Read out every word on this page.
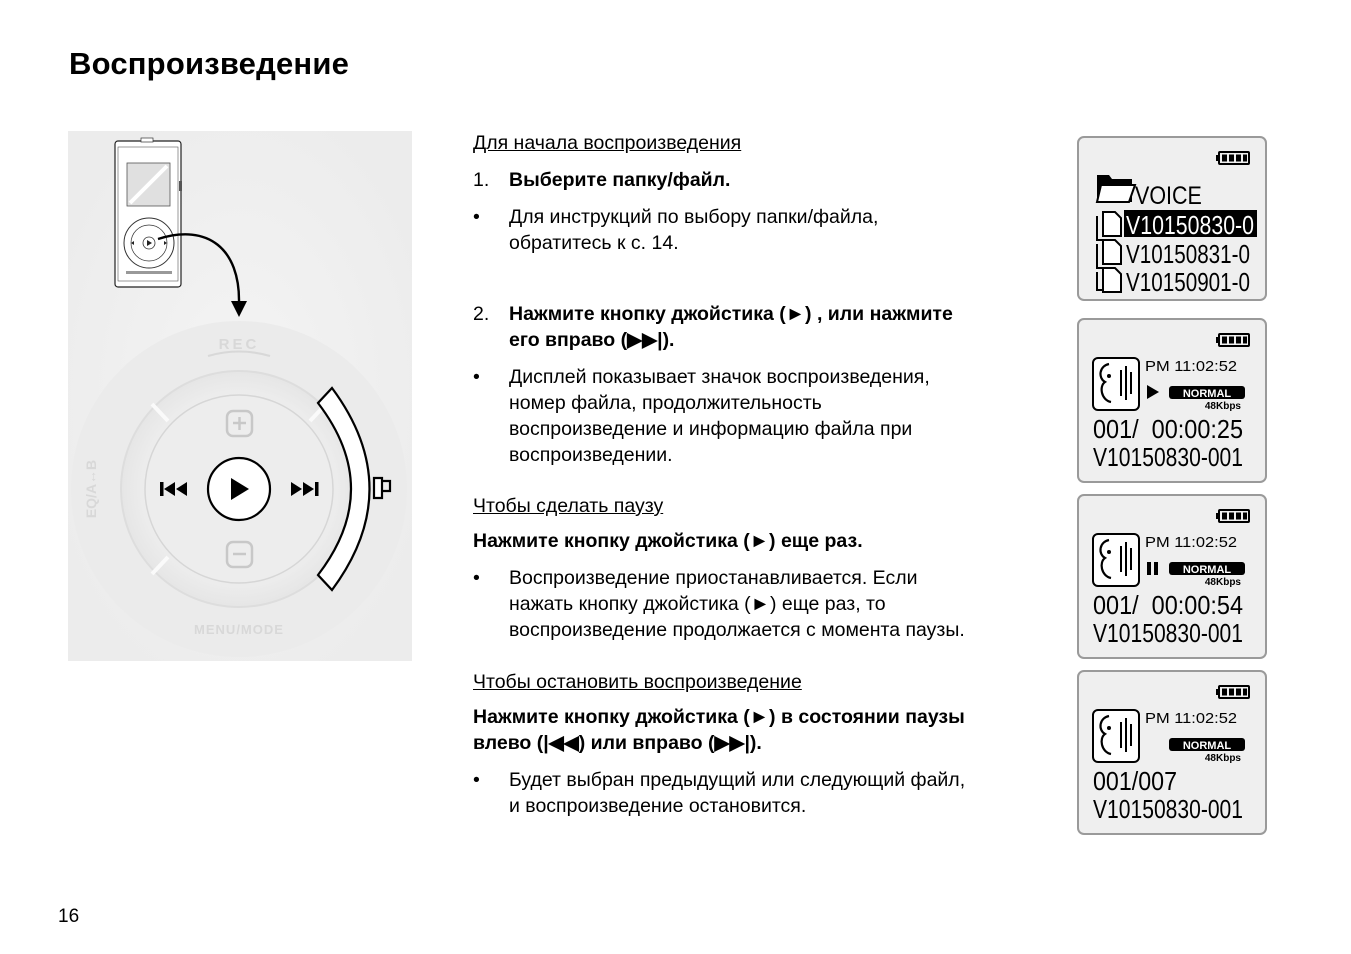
Воспроизведение
REC
MENU/MODE
EQ/A↔B
Для начала воспроизведения
1. Выберите папку/файл.
• Для инструкций по выбору папки/файла,
обратитесь к с. 14.
2. Нажмите кнопку джойстика (►) , или нажмите
его вправо (▶▶|).
• Дисплей показывает значок воспроизведения,
номер файла, продолжительность
воспроизведение и информацию файла при
воспроизведении.
Чтобы сделать паузу
Нажмите кнопку джойстика (►) еще раз.
• Воспроизведение приостанавливается. Если
нажать кнопку джойстика (►) еще раз, то
воспроизведение продолжается с момента паузы.
Чтобы остановить воспроизведение
Нажмите кнопку джойстика (►) в состоянии паузы
влево (|◀◀) или вправо (▶▶|).
• Будет выбран предыдущий или следующий файл,
и воспроизведение остановится.
VOICE
V10150830-0
V10150831-0
V10150901-0
PM 11:02:52
NORMAL
48Kbps
001/  00:00:25
V10150830-001
PM 11:02:52
NORMAL
48Kbps
001/  00:00:54
V10150830-001
PM 11:02:52
NORMAL
48Kbps
001/007
V10150830-001
16
